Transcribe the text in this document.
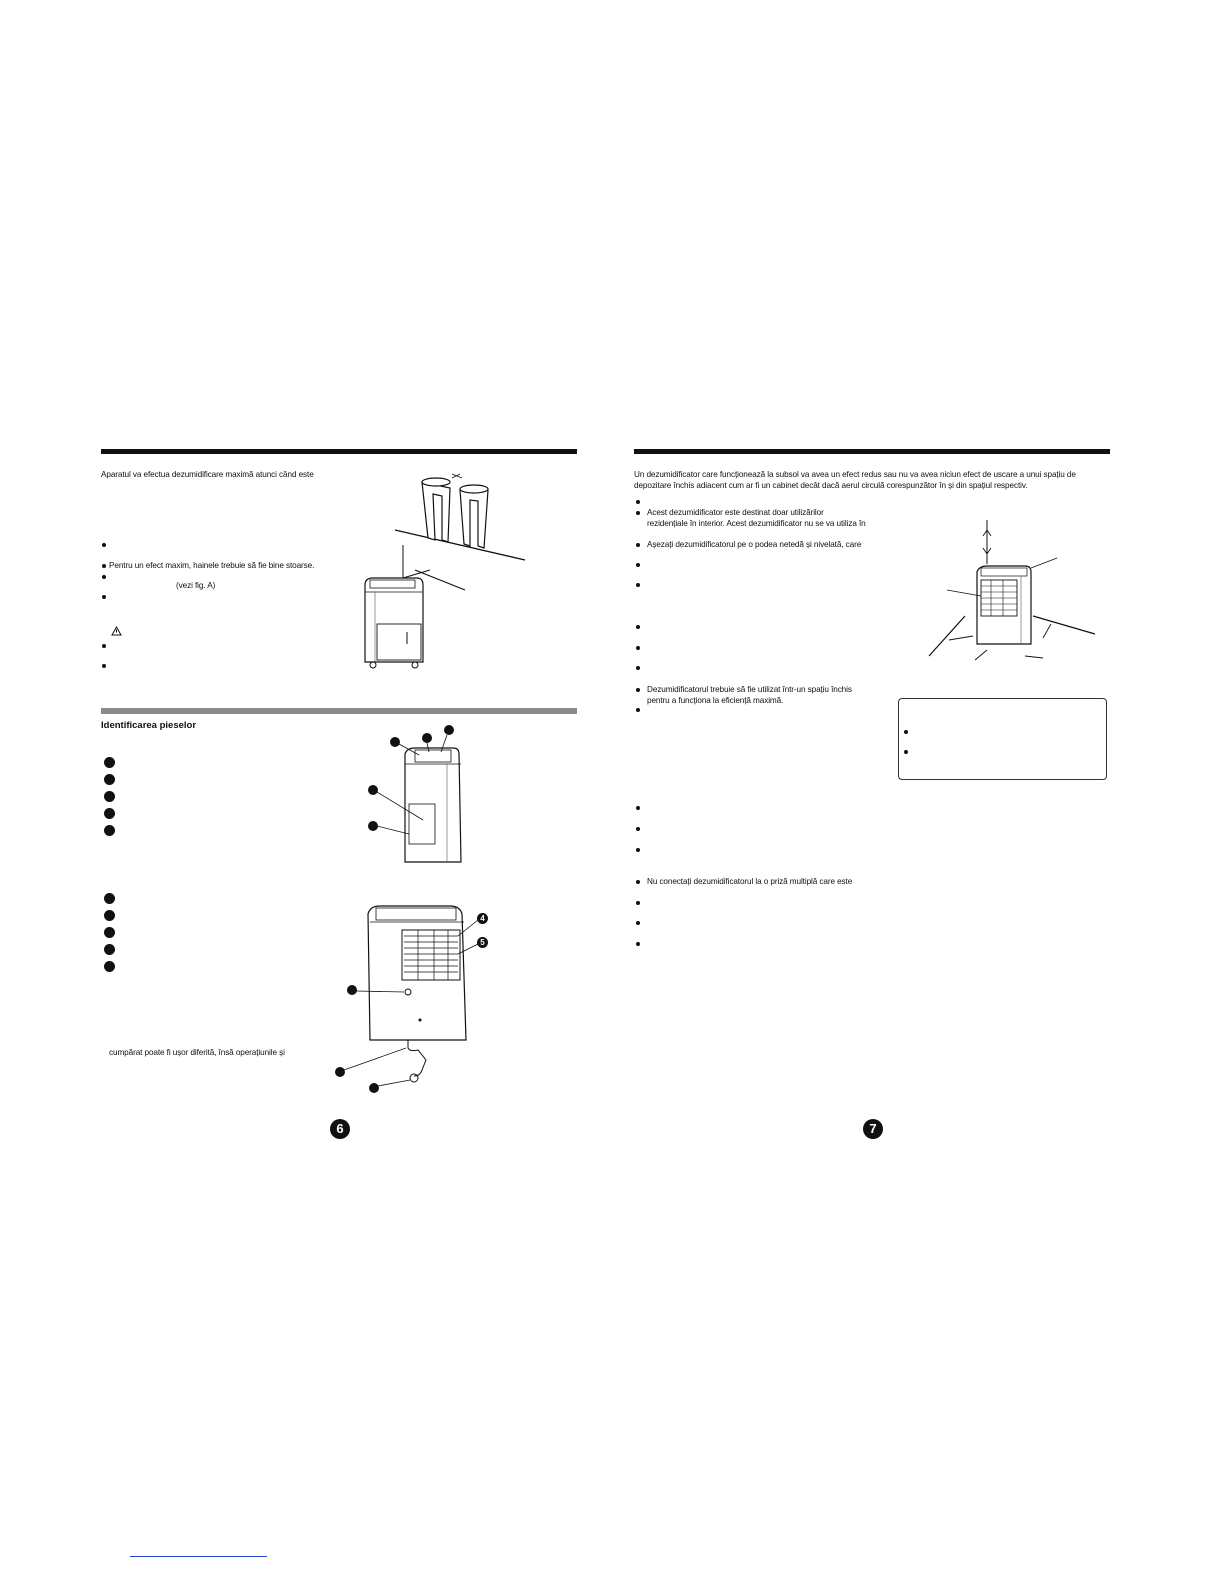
Aparatul va efectua dezumidificare maximă atunci când este
Pentru un efect maxim, hainele trebuie să fie bine stoarse.
(vezi fig. A)
Identificarea pieselor
4
5
cumpărat poate fi ușor diferită, însă operațiunile și
6
Un dezumidificator care funcționează la subsol va avea un efect redus sau nu va avea niciun efect de uscare a unui spațiu de
depozitare închis adiacent cum ar fi un cabinet decât dacă aerul circulă corespunzător în și din spațiul respectiv.
Acest dezumidificator este destinat doar utilizărilor
rezidențiale în interior. Acest dezumidificator nu se va utiliza în
Așezați dezumidificatorul pe o podea netedă și nivelată, care
Dezumidificatorul trebuie să fie utilizat într-un spațiu închis
pentru a funcționa la eficiență maximă.
Nu conectați dezumidificatorul la o priză multiplă care este
7
